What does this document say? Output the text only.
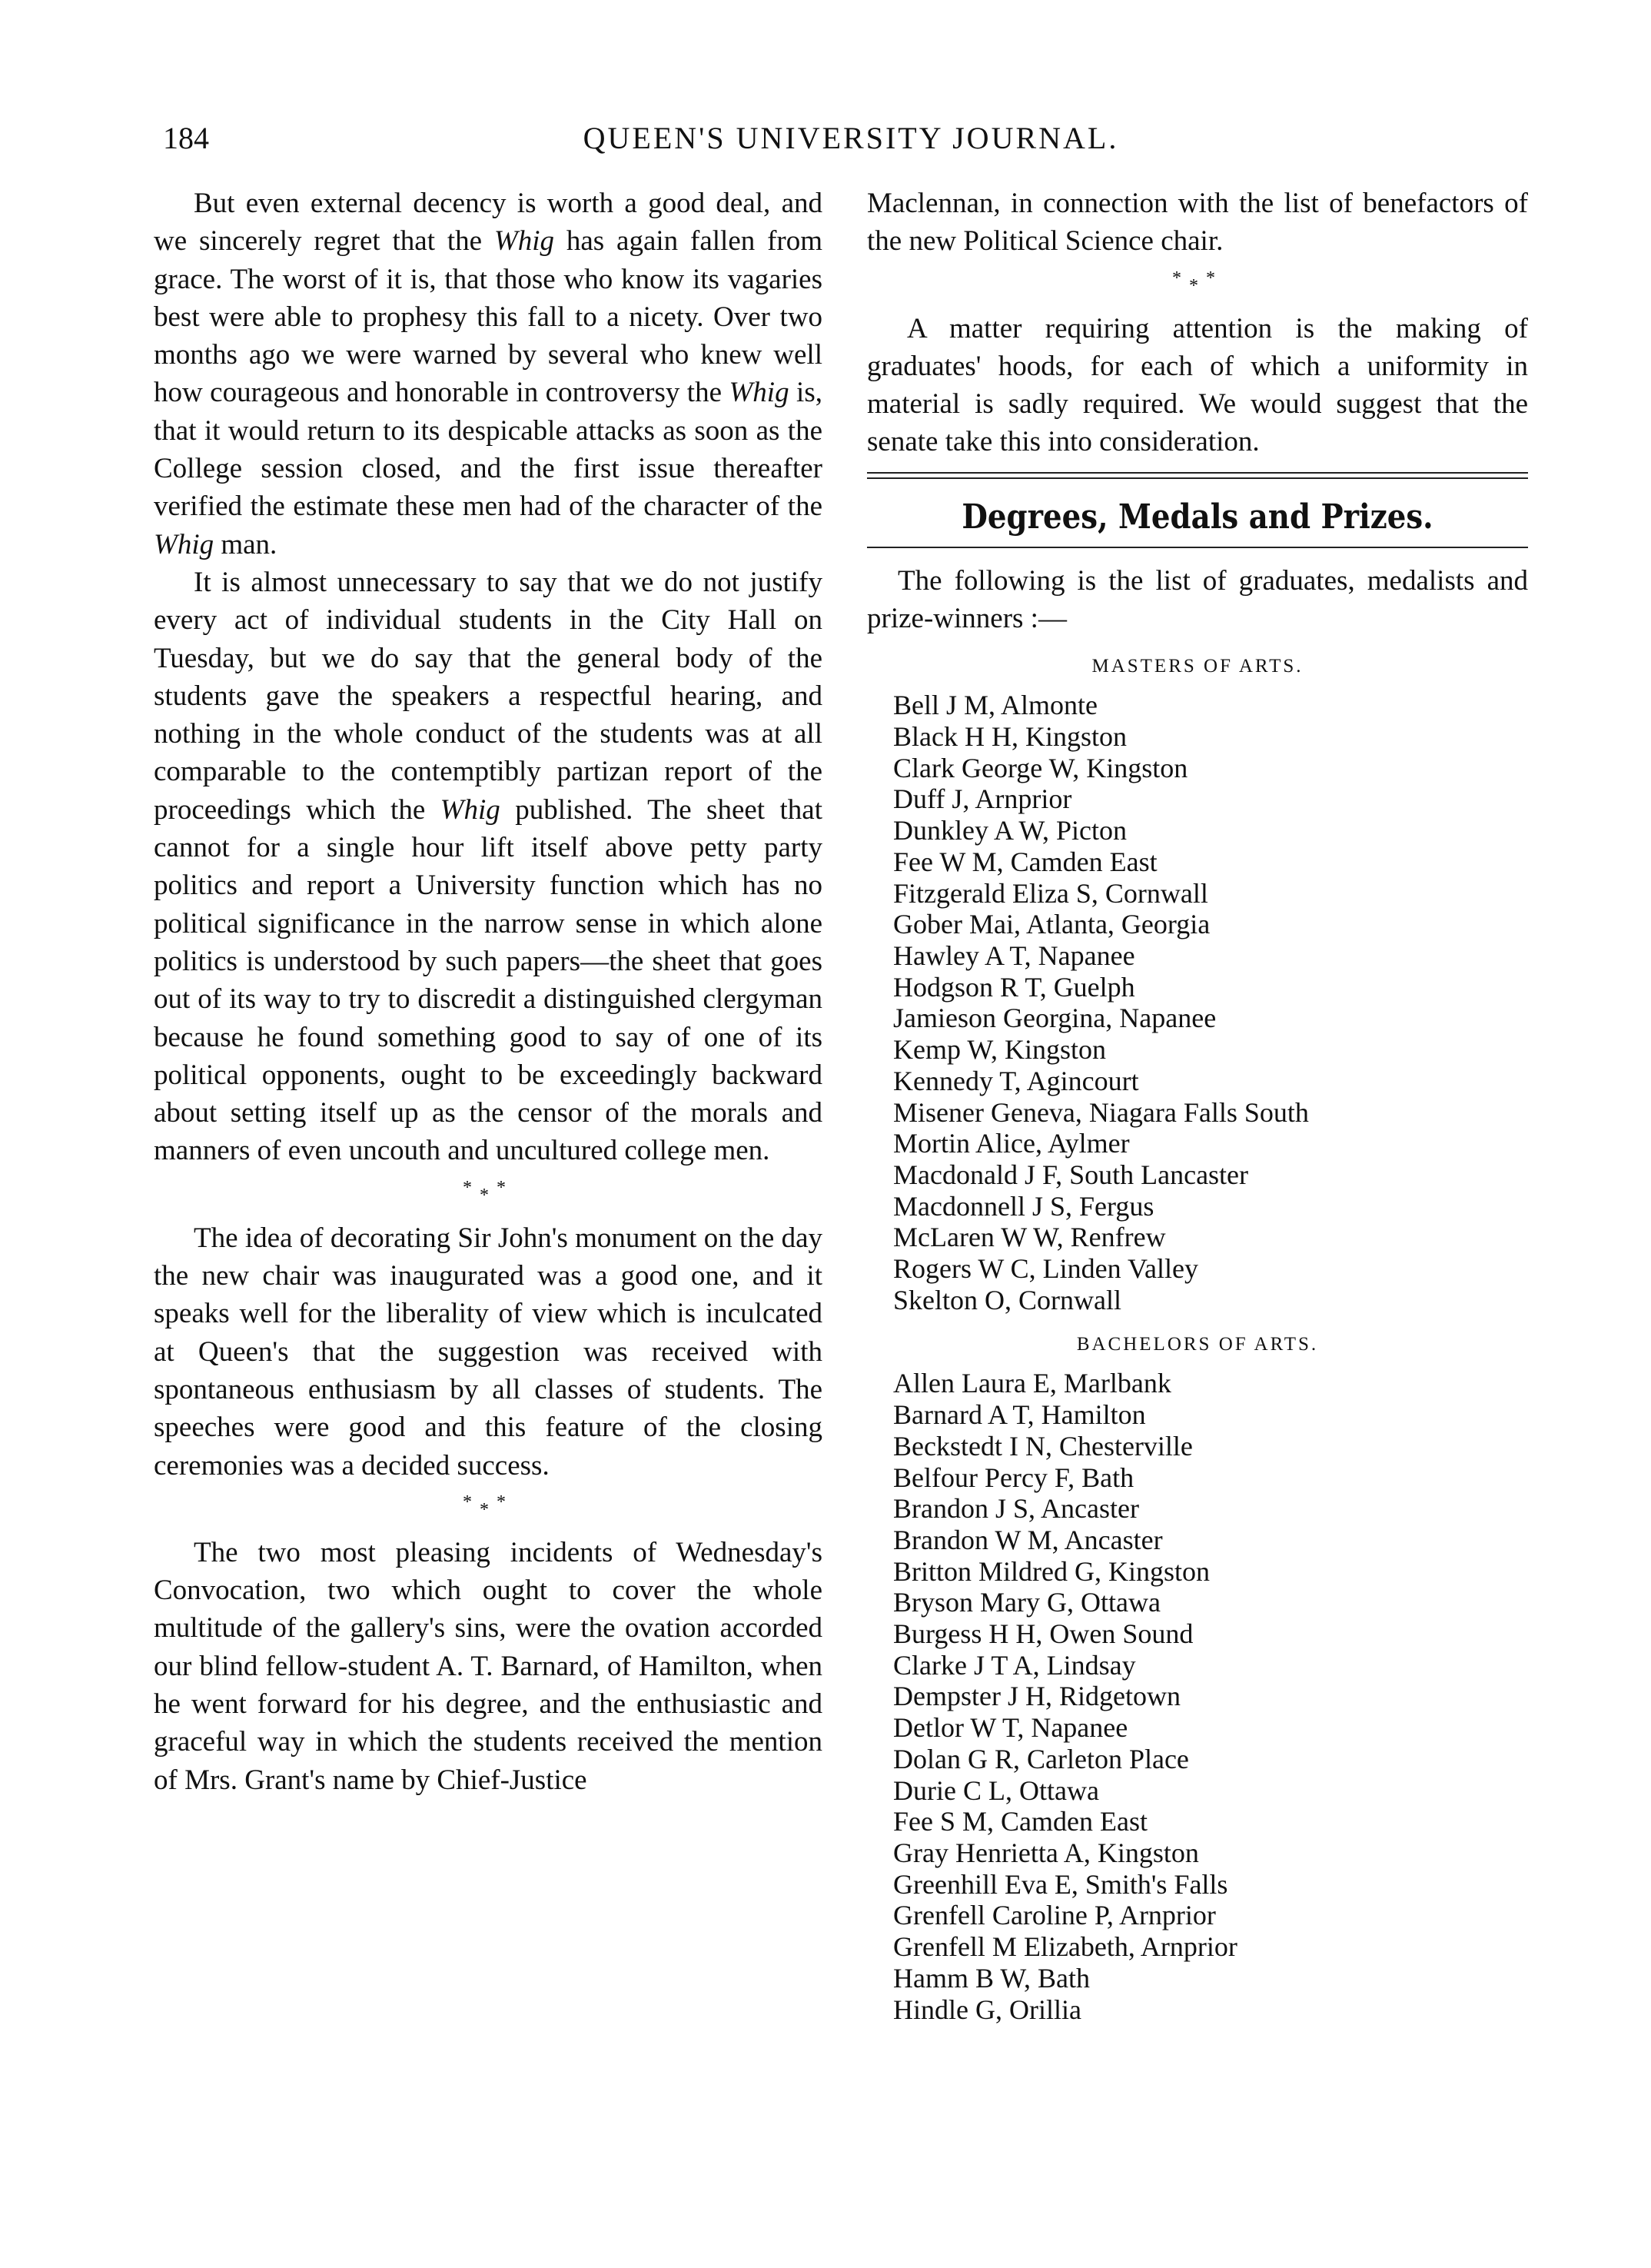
184	QUEEN'S UNIVERSITY JOURNAL.

But even external decency is worth a good deal, and we sincerely regret that the Whig has again fallen from grace. The worst of it is, that those who know its vagaries best were able to prophesy this fall to a nicety. Over two months ago we were warned by several who knew well how courageous and honorable in controversy the Whig is, that it would return to its despicable attacks as soon as the College session closed, and the first issue thereafter verified the estimate these men had of the character of the Whig man.

It is almost unnecessary to say that we do not justify every act of individual students in the City Hall on Tuesday, but we do say that the general body of the students gave the speakers a respectful hearing, and nothing in the whole conduct of the students was at all comparable to the contemptibly partizan report of the proceedings which the Whig published. The sheet that cannot for a single hour lift itself above petty party politics and report a University function which has no political significance in the narrow sense in which alone politics is understood by such papers—the sheet that goes out of its way to try to discredit a distinguished clergyman because he found something good to say of one of its political opponents, ought to be exceedingly backward about setting itself up as the censor of the morals and manners of even uncouth and uncultured college men.

***

The idea of decorating Sir John's monument on the day the new chair was inaugurated was a good one, and it speaks well for the liberality of view which is inculcated at Queen's that the suggestion was received with spontaneous enthusiasm by all classes of students. The speeches were good and this feature of the closing ceremonies was a decided success.

***

The two most pleasing incidents of Wednesday's Convocation, two which ought to cover the whole multitude of the gallery's sins, were the ovation accorded our blind fellow-student A. T. Barnard, of Hamilton, when he went forward for his degree, and the enthusiastic and graceful way in which the students received the mention of Mrs. Grant's name by Chief-Justice

Maclennan, in connection with the list of benefactors of the new Political Science chair.

***

A matter requiring attention is the making of graduates' hoods, for each of which a uniformity in material is sadly required. We would suggest that the senate take this into consideration.

Degrees, Medals and Prizes.

The following is the list of graduates, medalists and prize-winners :—

MASTERS OF ARTS.
Bell J M, Almonte
Black H H, Kingston
Clark George W, Kingston
Duff J, Arnprior
Dunkley A W, Picton
Fee W M, Camden East
Fitzgerald Eliza S, Cornwall
Gober Mai, Atlanta, Georgia
Hawley A T, Napanee
Hodgson R T, Guelph
Jamieson Georgina, Napanee
Kemp W, Kingston
Kennedy T, Agincourt
Misener Geneva, Niagara Falls South
Mortin Alice, Aylmer
Macdonald J F, South Lancaster
Macdonnell J S, Fergus
McLaren W W, Renfrew
Rogers W C, Linden Valley
Skelton O, Cornwall
BACHELORS OF ARTS.
Allen Laura E, Marlbank
Barnard A T, Hamilton
Beckstedt I N, Chesterville
Belfour Percy F, Bath
Brandon J S, Ancaster
Brandon W M, Ancaster
Britton Mildred G, Kingston
Bryson Mary G, Ottawa
Burgess H H, Owen Sound
Clarke J T A, Lindsay
Dempster J H, Ridgetown
Detlor W T, Napanee
Dolan G R, Carleton Place
Durie C L, Ottawa
Fee S M, Camden East
Gray Henrietta A, Kingston
Greenhill Eva E, Smith's Falls
Grenfell Caroline P, Arnprior
Grenfell M Elizabeth, Arnprior
Hamm B W, Bath
Hindle G, Orillia
